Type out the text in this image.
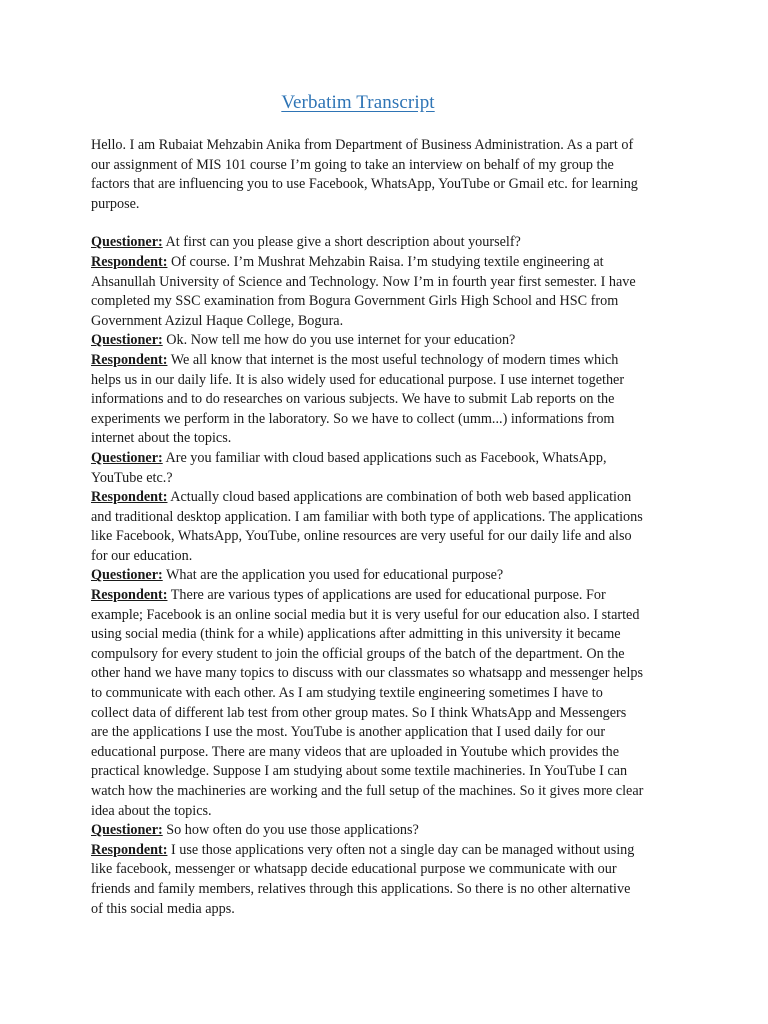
Verbatim Transcript
Hello. I am Rubaiat Mehzabin Anika from Department of Business Administration. As a part of
our assignment of MIS 101 course I’m going to take an interview on behalf of my group the
factors that are influencing you to use Facebook, WhatsApp, YouTube or Gmail etc. for learning
purpose.
Questioner: At first can you please give a short description about yourself?
Respondent: Of course. I’m Mushrat Mehzabin Raisa. I’m studying textile engineering at
Ahsanullah University of Science and Technology. Now I’m in fourth year first semester. I have
completed my SSC examination from Bogura Government Girls High School and HSC from
Government Azizul Haque College, Bogura.
Questioner: Ok. Now tell me how do you use internet for your education?
Respondent: We all know that internet is the most useful technology of modern times which
helps us in our daily life. It is also widely used for educational purpose. I use internet together
informations and to do researches on various subjects. We have to submit Lab reports on the
experiments we perform in the laboratory. So we have to collect (umm...) informations from
internet about the topics.
Questioner: Are you familiar with cloud based applications such as Facebook, WhatsApp,
YouTube etc.?
Respondent: Actually cloud based applications are combination of both web based application
and traditional desktop application. I am familiar with both type of applications. The applications
like Facebook, WhatsApp, YouTube, online resources are very useful for our daily life and also
for our education.
Questioner: What are the application you used for educational purpose?
Respondent: There are various types of applications are used for educational purpose. For
example; Facebook is an online social media but it is very useful for our education also. I started
using social media (think for a while) applications after admitting in this university it became
compulsory for every student to join the official groups of the batch of the department. On the
other hand we have many topics to discuss with our classmates so whatsapp and messenger helps
to communicate with each other. As I am studying textile engineering sometimes I have to
collect data of different lab test from other group mates. So I think WhatsApp and Messengers
are the applications I use the most. YouTube is another application that I used daily for our
educational purpose. There are many videos that are uploaded in Youtube which provides the
practical knowledge. Suppose I am studying about some textile machineries. In YouTube I can
watch how the machineries are working and the full setup of the machines. So it gives more clear
idea about the topics.
Questioner: So how often do you use those applications?
Respondent: I use those applications very often not a single day can be managed without using
like facebook, messenger or whatsapp decide educational purpose we communicate with our
friends and family members, relatives through this applications. So there is no other alternative
of this social media apps.
